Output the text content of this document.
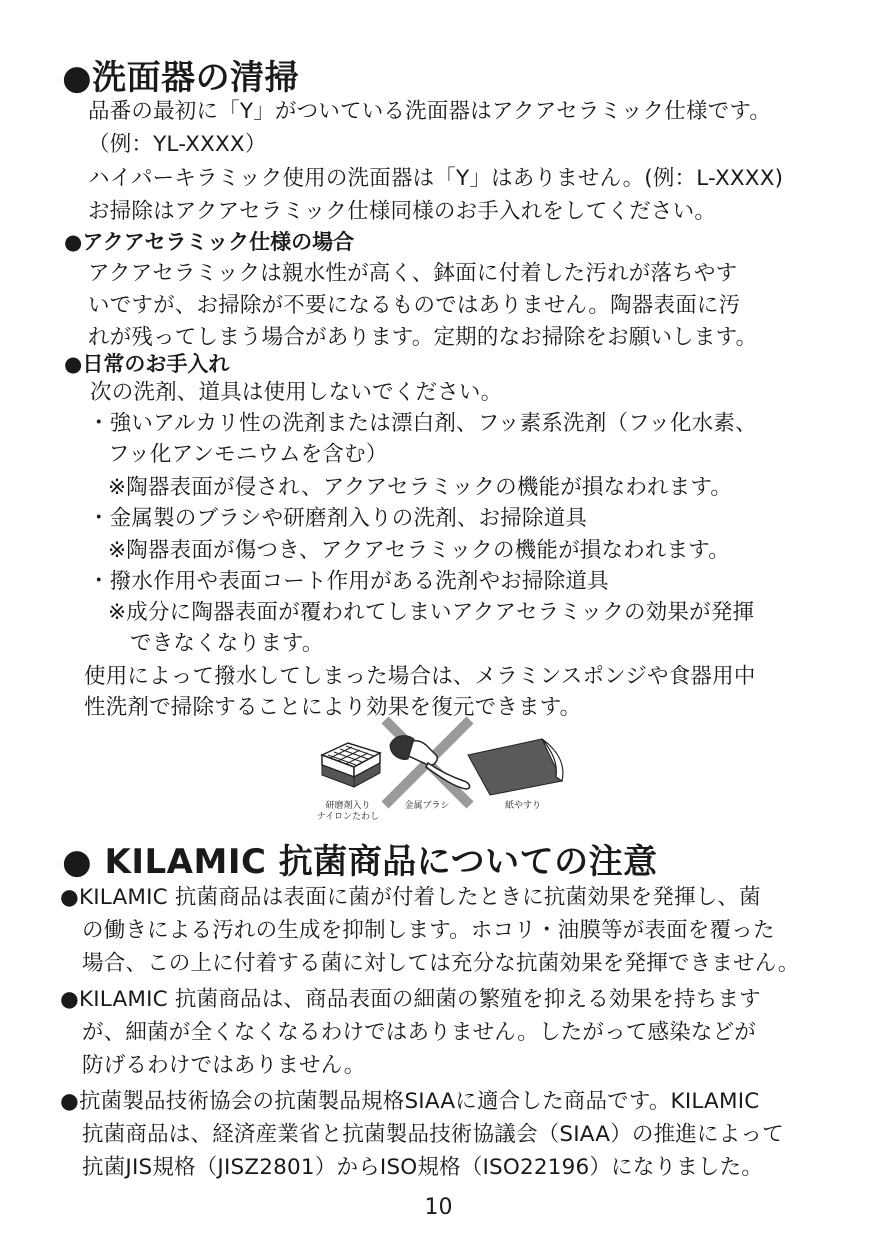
●洗面器の清掃
品番の最初に「Y」がついている洗面器はアクアセラミック仕様です。
（例：YL-XXXX）
ハイパーキラミック使用の洗面器は「Y」はありません。(例：L-XXXX)
お掃除はアクアセラミック仕様同様のお手入れをしてください。
●アクアセラミック仕様の場合
アクアセラミックは親水性が高く、鉢面に付着した汚れが落ちやす
いですが、お掃除が不要になるものではありません。陶器表面に汚
れが残ってしまう場合があります。定期的なお掃除をお願いします。
●日常のお手入れ
次の洗剤、道具は使用しないでください。
・強いアルカリ性の洗剤または漂白剤、フッ素系洗剤（フッ化水素、
フッ化アンモニウムを含む）
※陶器表面が侵され、アクアセラミックの機能が損なわれます。
・金属製のブラシや研磨剤入りの洗剤、お掃除道具
※陶器表面が傷つき、アクアセラミックの機能が損なわれます。
・撥水作用や表面コート作用がある洗剤やお掃除道具
※成分に陶器表面が覆われてしまいアクアセラミックの効果が発揮
できなくなります。
使用によって撥水してしまった場合は、メラミンスポンジや食器用中
性洗剤で掃除することにより効果を復元できます。
研磨剤入り
ナイロンたわし
金属ブラシ	紙やすり
● KILAMIC 抗菌商品についての注意
●KILAMIC 抗菌商品は表面に菌が付着したときに抗菌効果を発揮し、菌
の働きによる汚れの生成を抑制します。ホコリ・油膜等が表面を覆った
場合、この上に付着する菌に対しては充分な抗菌効果を発揮できません。
●KILAMIC 抗菌商品は、商品表面の細菌の繁殖を抑える効果を持ちます
が、細菌が全くなくなるわけではありません。したがって感染などが
防げるわけではありません。
●抗菌製品技術協会の抗菌製品規格SIAAに適合した商品です。KILAMIC
抗菌商品は、経済産業省と抗菌製品技術協議会（SIAA）の推進によって
抗菌JIS規格（JISZ2801）からISO規格（ISO22196）になりました。
10
